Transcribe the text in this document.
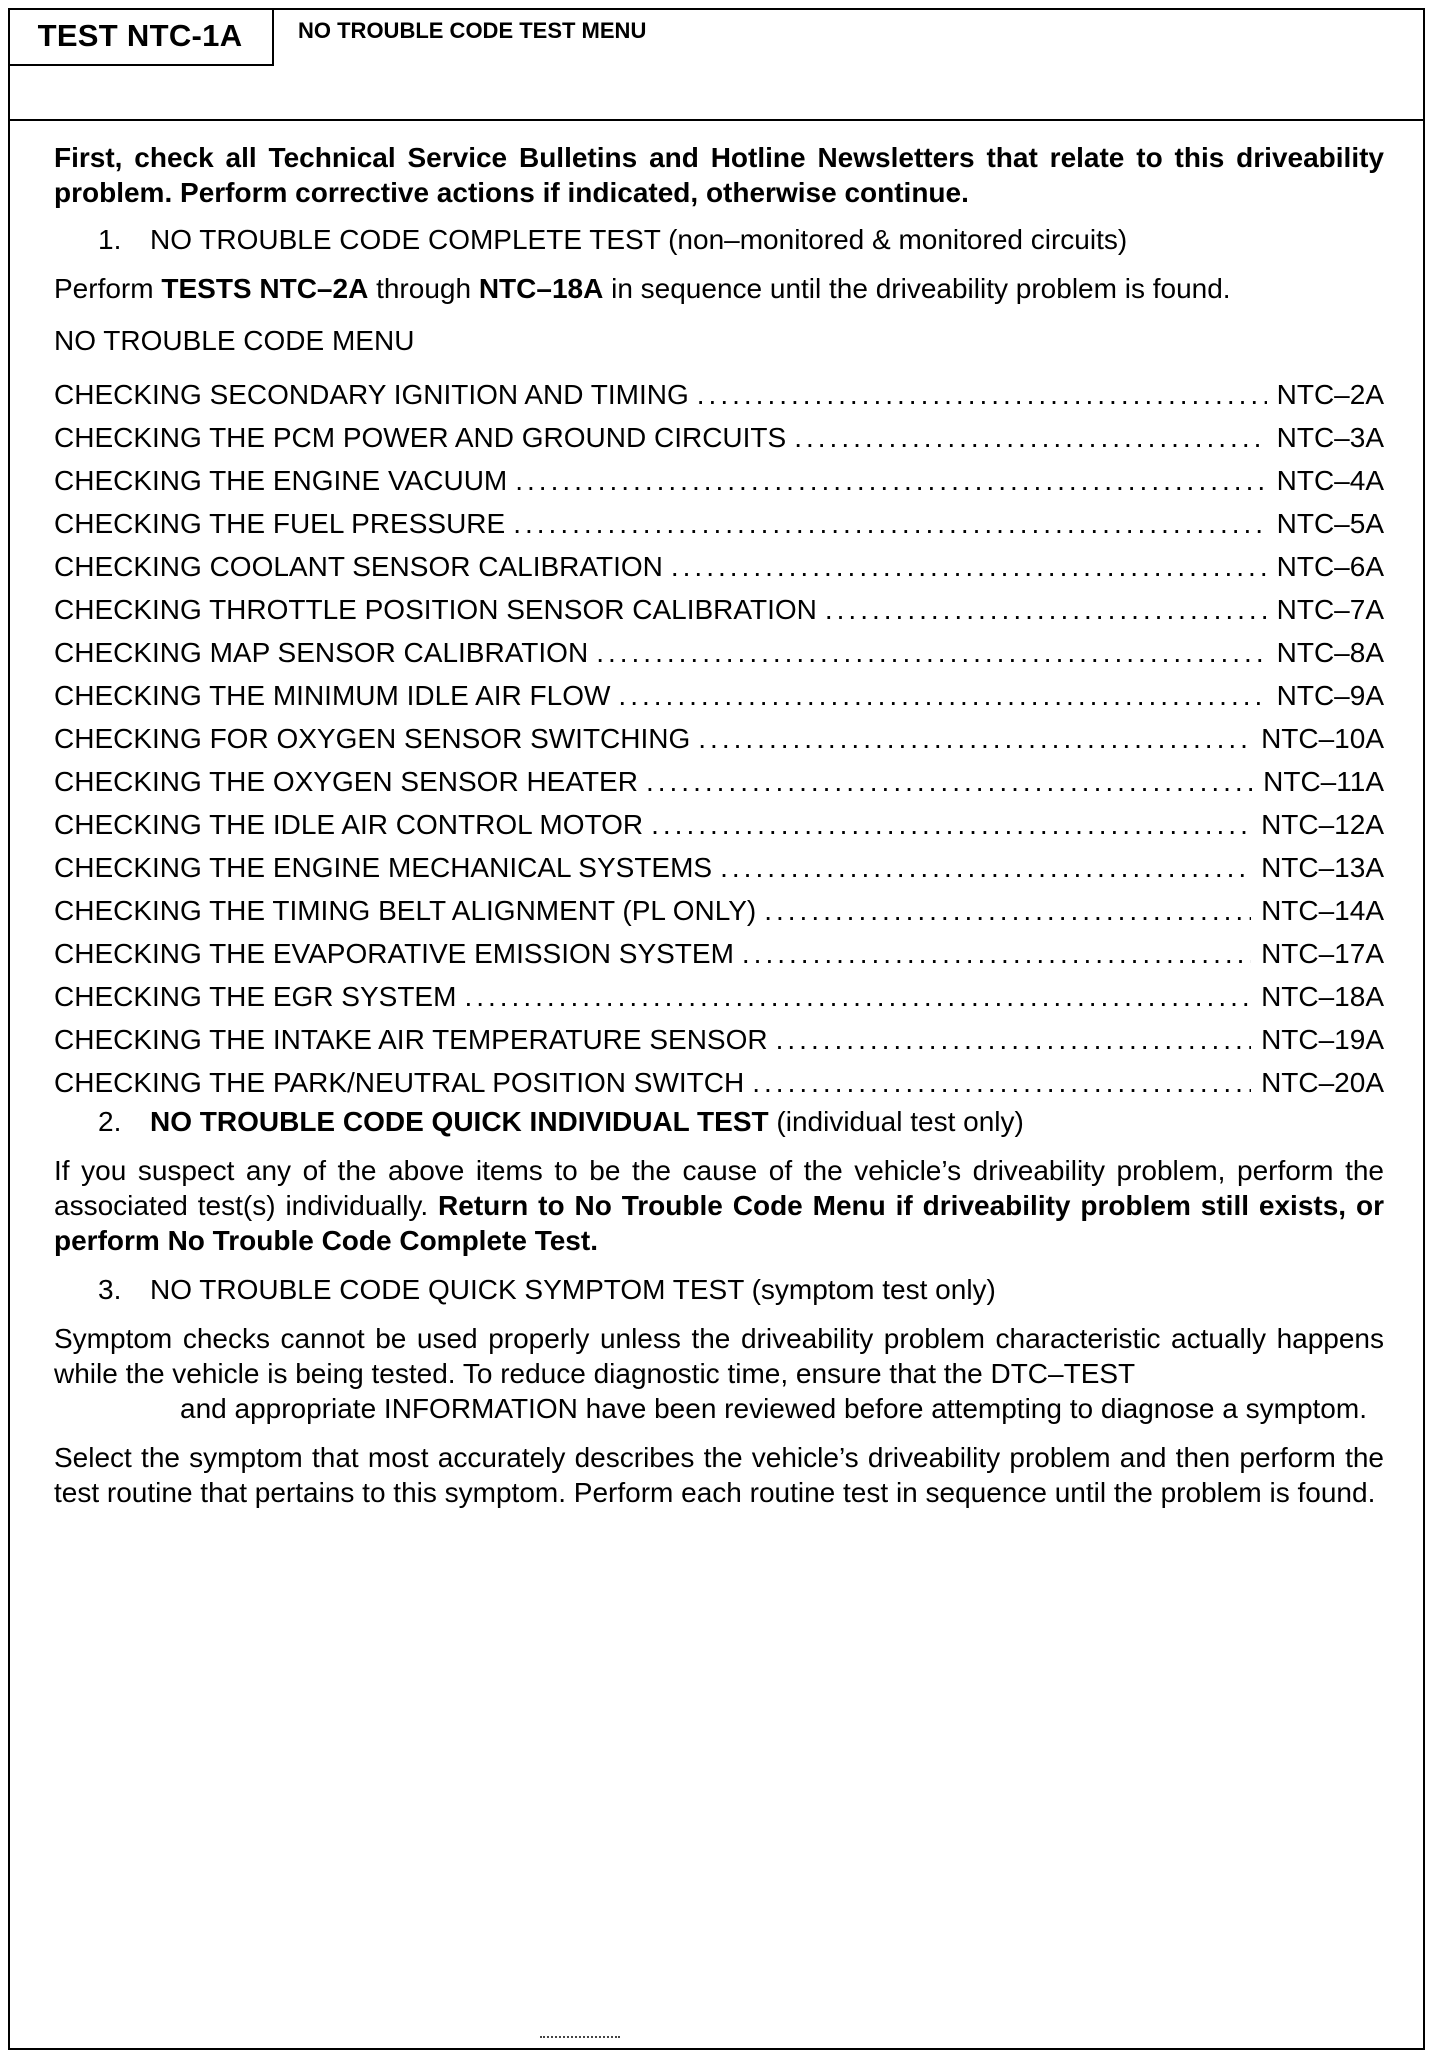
TEST NTC-1A	NO TROUBLE CODE TEST MENU

First, check all Technical Service Bulletins and Hotline Newsletters that relate to this driveability problem. Perform corrective actions if indicated, otherwise continue.

1. NO TROUBLE CODE COMPLETE TEST (non–monitored & monitored circuits)

Perform TESTS NTC–2A through NTC–18A in sequence until the driveability problem is found.

NO TROUBLE CODE MENU

CHECKING SECONDARY IGNITION AND TIMING .....	NTC–2A
CHECKING THE PCM POWER AND GROUND CIRCUITS .....	NTC–3A
CHECKING THE ENGINE VACUUM .....	NTC–4A
CHECKING THE FUEL PRESSURE .....	NTC–5A
CHECKING COOLANT SENSOR CALIBRATION .....	NTC–6A
CHECKING THROTTLE POSITION SENSOR CALIBRATION .....	NTC–7A
CHECKING MAP SENSOR CALIBRATION .....	NTC–8A
CHECKING THE MINIMUM IDLE AIR FLOW .....	NTC–9A
CHECKING FOR OXYGEN SENSOR SWITCHING .....	NTC–10A
CHECKING THE OXYGEN SENSOR HEATER .....	NTC–11A
CHECKING THE IDLE AIR CONTROL MOTOR .....	NTC–12A
CHECKING THE ENGINE MECHANICAL SYSTEMS .....	NTC–13A
CHECKING THE TIMING BELT ALIGNMENT (PL ONLY) .....	NTC–14A
CHECKING THE EVAPORATIVE EMISSION SYSTEM .....	NTC–17A
CHECKING THE EGR SYSTEM .....	NTC–18A
CHECKING THE INTAKE AIR TEMPERATURE SENSOR .....	NTC–19A
CHECKING THE PARK/NEUTRAL POSITION SWITCH .....	NTC–20A
2. NO TROUBLE CODE QUICK INDIVIDUAL TEST (individual test only)

If you suspect any of the above items to be the cause of the vehicle’s driveability problem, perform the associated test(s) individually. Return to No Trouble Code Menu if driveability problem still exists, or perform No Trouble Code Complete Test.

3. NO TROUBLE CODE QUICK SYMPTOM TEST (symptom test only)

Symptom checks cannot be used properly unless the driveability problem characteristic actually happens while the vehicle is being tested. To reduce diagnostic time, ensure that the DTC–TEST

and appropriate INFORMATION have been reviewed before attempting to diagnose a symptom.

Select the symptom that most accurately describes the vehicle’s driveability problem and then perform the test routine that pertains to this symptom. Perform each routine test in sequence until the problem is found.
